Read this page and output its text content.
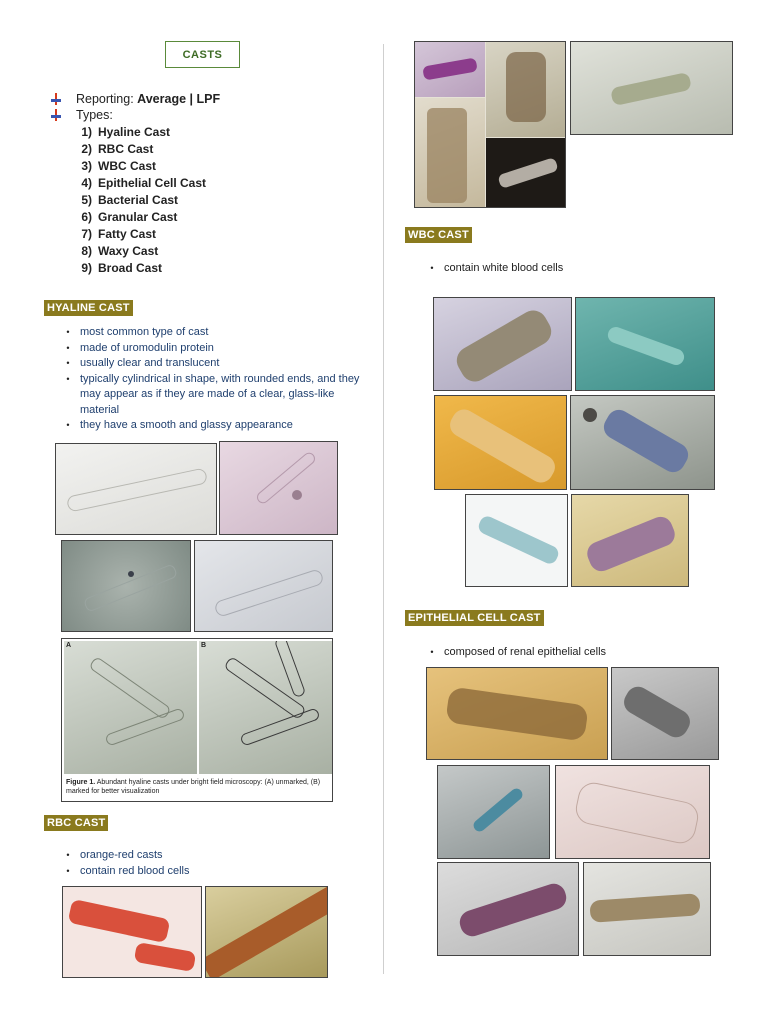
CASTS
Reporting:
Average | LPF
Types:
1) Hyaline Cast
2) RBC Cast
3) WBC Cast
4) Epithelial Cell Cast
5) Bacterial Cast
6) Granular Cast
7) Fatty Cast
8) Waxy Cast
9) Broad Cast
HYALINE CAST
• most common type of cast
• made of uromodulin protein
• usually clear and translucent
• typically cylindrical in shape, with rounded ends, and they may appear as if they are made of a clear, glass-like material
• they have a smooth and glassy appearance
A	B
Figure 1. Abundant hyaline casts under bright field microscopy: (A) unmarked, (B) marked for better visualization
RBC CAST
• orange-red casts
• contain red blood cells
WBC CAST
• contain white blood cells
EPITHELIAL CELL CAST
• composed of renal epithelial cells
